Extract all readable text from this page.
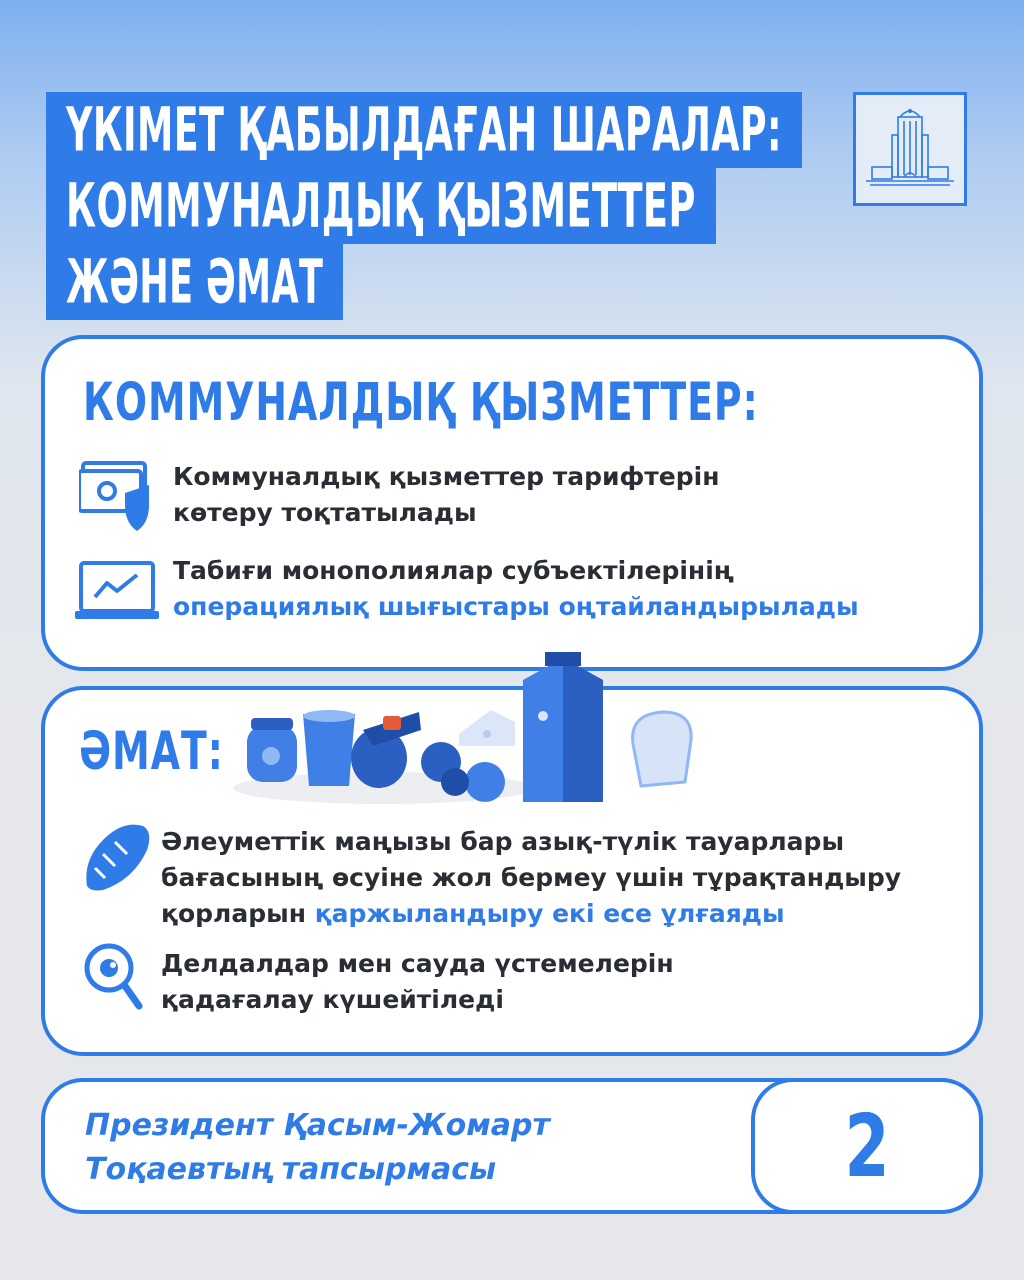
ҮКІМЕТ ҚАБЫЛДАҒАН ШАРАЛАР:
КОММУНАЛДЫҚ ҚЫЗМЕТТЕР
ЖӘНЕ ӘМАТ
КОММУНАЛДЫҚ ҚЫЗМЕТТЕР:
Коммуналдық қызметтер тарифтерін
көтеру тоқтатылады
Табиғи монополиялар субъектілерінің
операциялық шығыстары оңтайландырылады
ӘМАТ:
Әлеуметтік маңызы бар азық-түлік тауарлары
бағасының өсуіне жол бермеу үшін тұрақтандыру
қорларын қаржыландыру екі есе ұлғаяды
Делдалдар мен сауда үстемелерін
қадағалау күшейтіледі
Президент Қасым-Жомарт
Тоқаевтың тапсырмасы	2
